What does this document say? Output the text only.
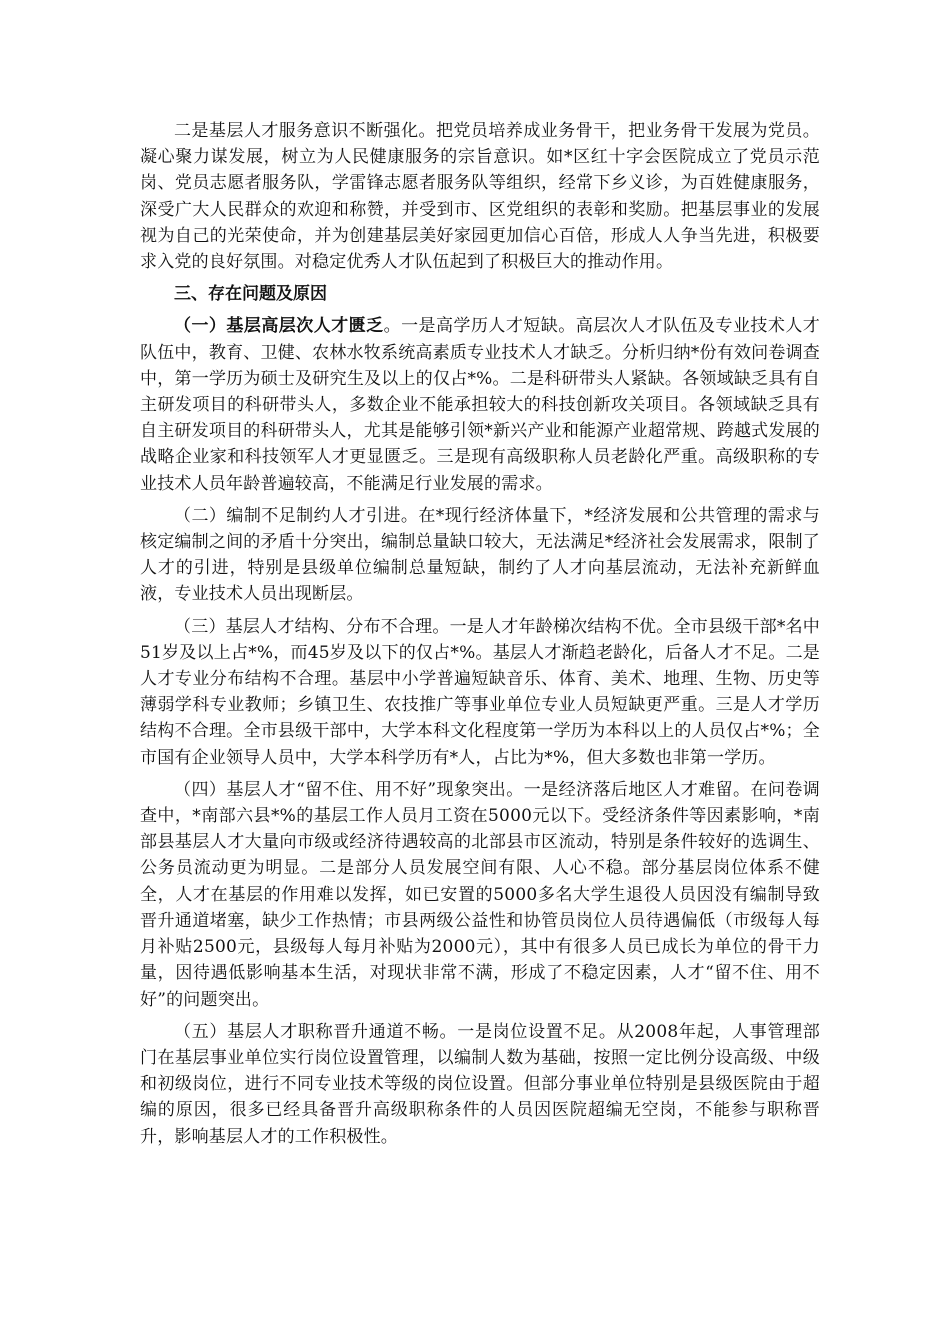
二是基层人才服务意识不断强化。把党员培养成业务骨干，把业务骨干发展为党员。凝心聚力谋发展，树立为人民健康服务的宗旨意识。如*区红十字会医院成立了党员示范岗、党员志愿者服务队，学雷锋志愿者服务队等组织，经常下乡义诊，为百姓健康服务，深受广大人民群众的欢迎和称赞，并受到市、区党组织的表彰和奖励。把基层事业的发展视为自己的光荣使命，并为创建基层美好家园更加信心百倍，形成人人争当先进，积极要求入党的良好氛围。对稳定优秀人才队伍起到了积极巨大的推动作用。

三、存在问题及原因

（一）基层高层次人才匮乏。一是高学历人才短缺。高层次人才队伍及专业技术人才队伍中，教育、卫健、农林水牧系统高素质专业技术人才缺乏。分析归纳*份有效问卷调查中，第一学历为硕士及研究生及以上的仅占*%。二是科研带头人紧缺。各领域缺乏具有自主研发项目的科研带头人，多数企业不能承担较大的科技创新攻关项目。各领域缺乏具有自主研发项目的科研带头人，尤其是能够引领*新兴产业和能源产业超常规、跨越式发展的战略企业家和科技领军人才更显匮乏。三是现有高级职称人员老龄化严重。高级职称的专业技术人员年龄普遍较高，不能满足行业发展的需求。

（二）编制不足制约人才引进。在*现行经济体量下，*经济发展和公共管理的需求与核定编制之间的矛盾十分突出，编制总量缺口较大，无法满足*经济社会发展需求，限制了人才的引进，特别是县级单位编制总量短缺，制约了人才向基层流动，无法补充新鲜血液，专业技术人员出现断层。

（三）基层人才结构、分布不合理。一是人才年龄梯次结构不优。全市县级干部*名中51岁及以上占*%，而45岁及以下的仅占*%。基层人才渐趋老龄化，后备人才不足。二是人才专业分布结构不合理。基层中小学普遍短缺音乐、体育、美术、地理、生物、历史等薄弱学科专业教师；乡镇卫生、农技推广等事业单位专业人员短缺更严重。三是人才学历结构不合理。全市县级干部中，大学本科文化程度第一学历为本科以上的人员仅占*%；全市国有企业领导人员中，大学本科学历有*人，占比为*%，但大多数也非第一学历。

（四）基层人才“留不住、用不好”现象突出。一是经济落后地区人才难留。在问卷调查中，*南部六县*%的基层工作人员月工资在5000元以下。受经济条件等因素影响，*南部县基层人才大量向市级或经济待遇较高的北部县市区流动，特别是条件较好的选调生、公务员流动更为明显。二是部分人员发展空间有限、人心不稳。部分基层岗位体系不健全，人才在基层的作用难以发挥，如已安置的5000多名大学生退役人员因没有编制导致晋升通道堵塞，缺少工作热情；市县两级公益性和协管员岗位人员待遇偏低（市级每人每月补贴2500元，县级每人每月补贴为2000元），其中有很多人员已成长为单位的骨干力量，因待遇低影响基本生活，对现状非常不满，形成了不稳定因素，人才“留不住、用不好”的问题突出。

（五）基层人才职称晋升通道不畅。一是岗位设置不足。从2008年起，人事管理部门在基层事业单位实行岗位设置管理，以编制人数为基础，按照一定比例分设高级、中级和初级岗位，进行不同专业技术等级的岗位设置。但部分事业单位特别是县级医院由于超编的原因，很多已经具备晋升高级职称条件的人员因医院超编无空岗，不能参与职称晋升，影响基层人才的工作积极性。
